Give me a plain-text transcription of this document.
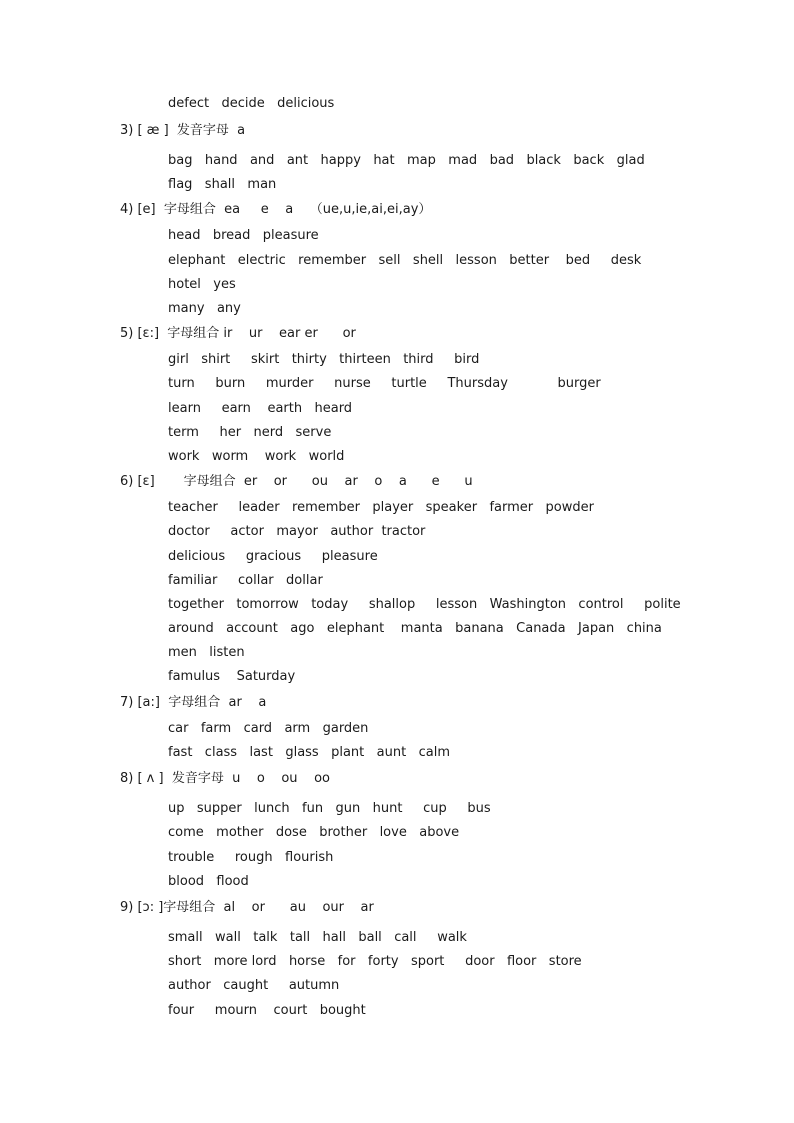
defect   decide   delicious
3) [ æ ]  发音字母  a
bag   hand   and   ant   happy   hat   map   mad   bad   black   back   glad
flag   shall   man
4) [e]  字母组合  ea     e    a    （ue,u,ie,ai,ei,ay）
head   bread   pleasure
elephant   electric   remember   sell   shell   lesson   better    bed     desk
hotel   yes
many   any
5) [ɛ:]  字母组合 ir    ur    ear er      or
girl   shirt     skirt   thirty   thirteen   third     bird
turn     burn     murder     nurse     turtle     Thursday            burger
learn     earn    earth   heard
term     her   nerd   serve
work   worm    work   world
6) [ɛ]       字母组合  er    or      ou    ar    o    a      e      u
teacher     leader   remember   player   speaker   farmer   powder
doctor     actor   mayor   author  tractor
delicious     gracious     pleasure
familiar     collar   dollar
together   tomorrow   today     shallop     lesson   Washington   control     polite
around   account   ago   elephant    manta   banana   Canada   Japan   china
men   listen
famulus    Saturday
7) [a:]  字母组合  ar    a
car   farm   card   arm   garden
fast   class   last   glass   plant   aunt   calm
8) [ ʌ ]  发音字母  u    o    ou    oo
up   supper   lunch   fun   gun   hunt     cup     bus
come   mother   dose   brother   love   above
trouble     rough   flourish
blood   flood
9) [ɔ: ]字母组合  al    or      au    our    ar
small   wall   talk   tall   hall   ball   call     walk
short   more lord   horse   for   forty   sport     door   floor   store
author   caught     autumn
four     mourn    court   bought
